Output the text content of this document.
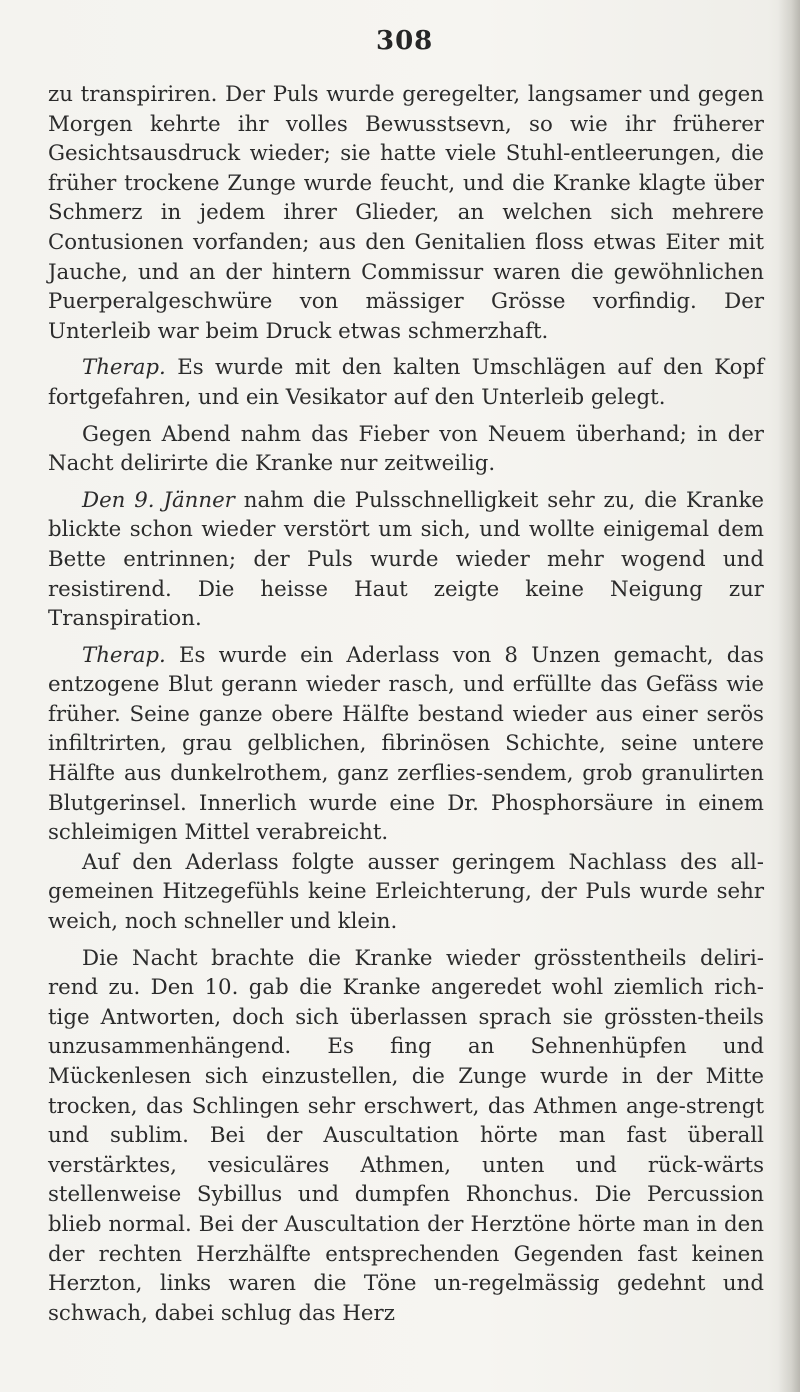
308

zu transpiriren. Der Puls wurde geregelter, langsamer und gegen Morgen kehrte ihr volles Bewusstsevn, so wie ihr früherer Gesichtsausdruck wieder; sie hatte viele Stuhl-entleerungen, die früher trockene Zunge wurde feucht, und die Kranke klagte über Schmerz in jedem ihrer Glieder, an welchen sich mehrere Contusionen vorfanden; aus den Genitalien floss etwas Eiter mit Jauche, und an der hintern Commissur waren die gewöhnlichen Puerperalgeschwüre von mässiger Grösse vorfindig. Der Unterleib war beim Druck etwas schmerzhaft.

Therap. Es wurde mit den kalten Umschlägen auf den Kopf fortgefahren, und ein Vesikator auf den Unterleib gelegt.

Gegen Abend nahm das Fieber von Neuem überhand; in der Nacht delirirte die Kranke nur zeitweilig.

Den 9. Jänner nahm die Pulsschnelligkeit sehr zu, die Kranke blickte schon wieder verstört um sich, und wollte einigemal dem Bette entrinnen; der Puls wurde wieder mehr wogend und resistirend. Die heisse Haut zeigte keine Neigung zur Transpiration.

Therap. Es wurde ein Aderlass von 8 Unzen gemacht, das entzogene Blut gerann wieder rasch, und erfüllte das Gefäss wie früher. Seine ganze obere Hälfte bestand wieder aus einer serös infiltrirten, grau gelblichen, fibrinösen Schichte, seine untere Hälfte aus dunkelrothem, ganz zerflies-sendem, grob granulirten Blutgerinsel. Innerlich wurde eine Dr. Phosphorsäure in einem schleimigen Mittel verabreicht.

Auf den Aderlass folgte ausser geringem Nachlass des all-gemeinen Hitzegefühls keine Erleichterung, der Puls wurde sehr weich, noch schneller und klein.

Die Nacht brachte die Kranke wieder grösstentheils deliri-rend zu. Den 10. gab die Kranke angeredet wohl ziemlich rich-tige Antworten, doch sich überlassen sprach sie grössten-theils unzusammenhängend. Es fing an Sehnenhüpfen und Mückenlesen sich einzustellen, die Zunge wurde in der Mitte trocken, das Schlingen sehr erschwert, das Athmen ange-strengt und sublim. Bei der Auscultation hörte man fast überall verstärktes, vesiculäres Athmen, unten und rück-wärts stellenweise Sybillus und dumpfen Rhonchus. Die Percussion blieb normal. Bei der Auscultation der Herztöne hörte man in den der rechten Herzhälfte entsprechenden Gegenden fast keinen Herzton, links waren die Töne un-regelmässig gedehnt und schwach, dabei schlug das Herz
